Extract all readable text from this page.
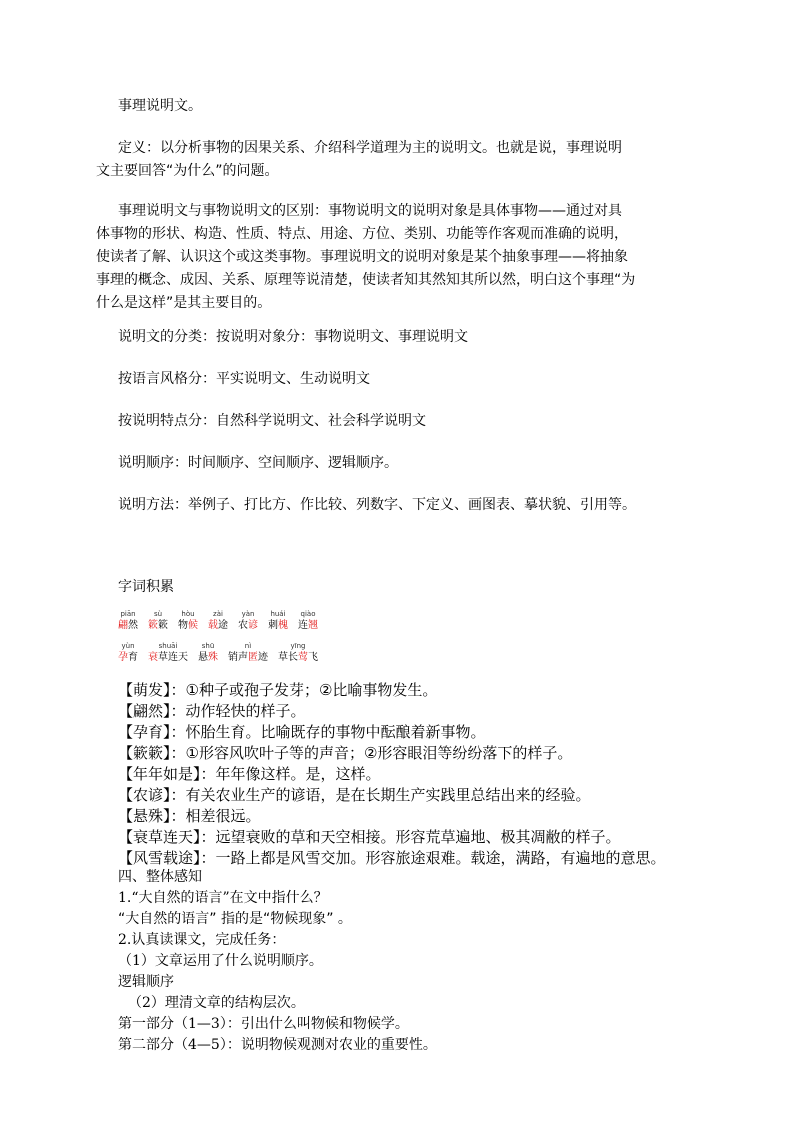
事理说明文。

定义：以分析事物的因果关系、介绍科学道理为主的说明文。也就是说，事理说明
文主要回答“为什么”的问题。
事理说明文与事物说明文的区别：事物说明文的说明对象是具体事物——通过对具
体事物的形状、构造、性质、特点、用途、方位、类别、功能等作客观而准确的说明，
使读者了解、认识这个或这类事物。事理说明文的说明对象是某个抽象事理——将抽象
事理的概念、成因、关系、原理等说清楚，使读者知其然知其所以然，明白这个事理“为
什么是这样”是其主要目的。

说明文的分类：按说明对象分：事物说明文、事理说明文

按语言风格分：平实说明文、生动说明文

按说明特点分：自然科学说明文、社会科学说明文

说明顺序：时间顺序、空间顺序、逻辑顺序。

说明方法：举例子、打比方、作比较、列数字、下定义、画图表、摹状貌、引用等。

字词积累

piān
翩然
sù
簌簌
hòu
物候
zài
载途
yàn
农谚
huái
刺槐
qiào
连翘
yùn
孕育
shuāi
衰草连天
shū
悬殊
nì
销声匿迹
yīng
草长莺飞
【萌发】：①种子或孢子发芽；②比喻事物发生。
【翩然】：动作轻快的样子。
【孕育】：怀胎生育。比喻既存的事物中酝酿着新事物。
【簌簌】：①形容风吹叶子等的声音；②形容眼泪等纷纷落下的样子。
【年年如是】：年年像这样。是，这样。
【农谚】：有关农业生产的谚语，是在长期生产实践里总结出来的经验。
【悬殊】：相差很远。
【衰草连天】：远望衰败的草和天空相接。形容荒草遍地、极其凋敝的样子。
【风雪载途】：一路上都是风雪交加。形容旅途艰难。载途，满路，有遍地的意思。
四、整体感知
1.“大自然的语言”在文中指什么？
“大自然的语言” 指的是“物候现象” 。
2.认真读课文，完成任务：
（1）文章运用了什么说明顺序。
逻辑顺序
（2）理清文章的结构层次。
第一部分（1—3）：引出什么叫物候和物候学。
第二部分（4—5）：说明物候观测对农业的重要性。
